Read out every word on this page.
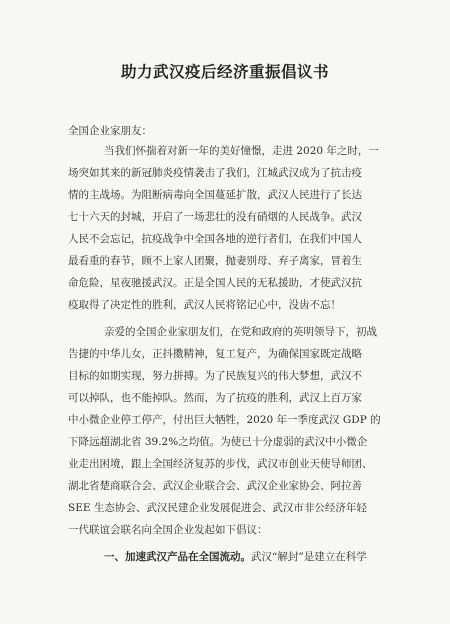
助力武汉疫后经济重振倡议书
全国企业家朋友：
当我们怀揣着对新一年的美好憧憬，走进 2020 年之时，一
场突如其来的新冠肺炎疫情袭击了我们，江城武汉成为了抗击疫
情的主战场。为阻断病毒向全国蔓延扩散，武汉人民进行了长达
七十六天的封城，开启了一场悲壮的没有硝烟的人民战争。武汉
人民不会忘记，抗疫战争中全国各地的逆行者们，在我们中国人
最看重的春节，顾不上家人团聚，抛妻别母、弃子离家，冒着生
命危险，星夜驰援武汉。正是全国人民的无私援助，才使武汉抗
疫取得了决定性的胜利，武汉人民将铭记心中，没齿不忘！
亲爱的全国企业家朋友们，在党和政府的英明领导下，初战
告捷的中华儿女，正抖擞精神，复工复产，为确保国家既定战略
目标的如期实现，努力拼搏。为了民族复兴的伟大梦想，武汉不
可以掉队，也不能掉队。然而，为了抗疫的胜利，武汉上百万家
中小微企业停工停产，付出巨大牺牲，2020 年一季度武汉 GDP 的
下降远超湖北省 39.2%之均值。为使已十分虚弱的武汉中小微企
业走出困境，跟上全国经济复苏的步伐，武汉市创业天使导师团、
湖北省楚商联合会、武汉企业联合会、武汉企业家协会、阿拉善
SEE 生态协会、武汉民建企业发展促进会、武汉市非公经济年轻
一代联谊会联名向全国企业发起如下倡议：
一、加速武汉产品在全国流动。武汉“解封”是建立在科学
